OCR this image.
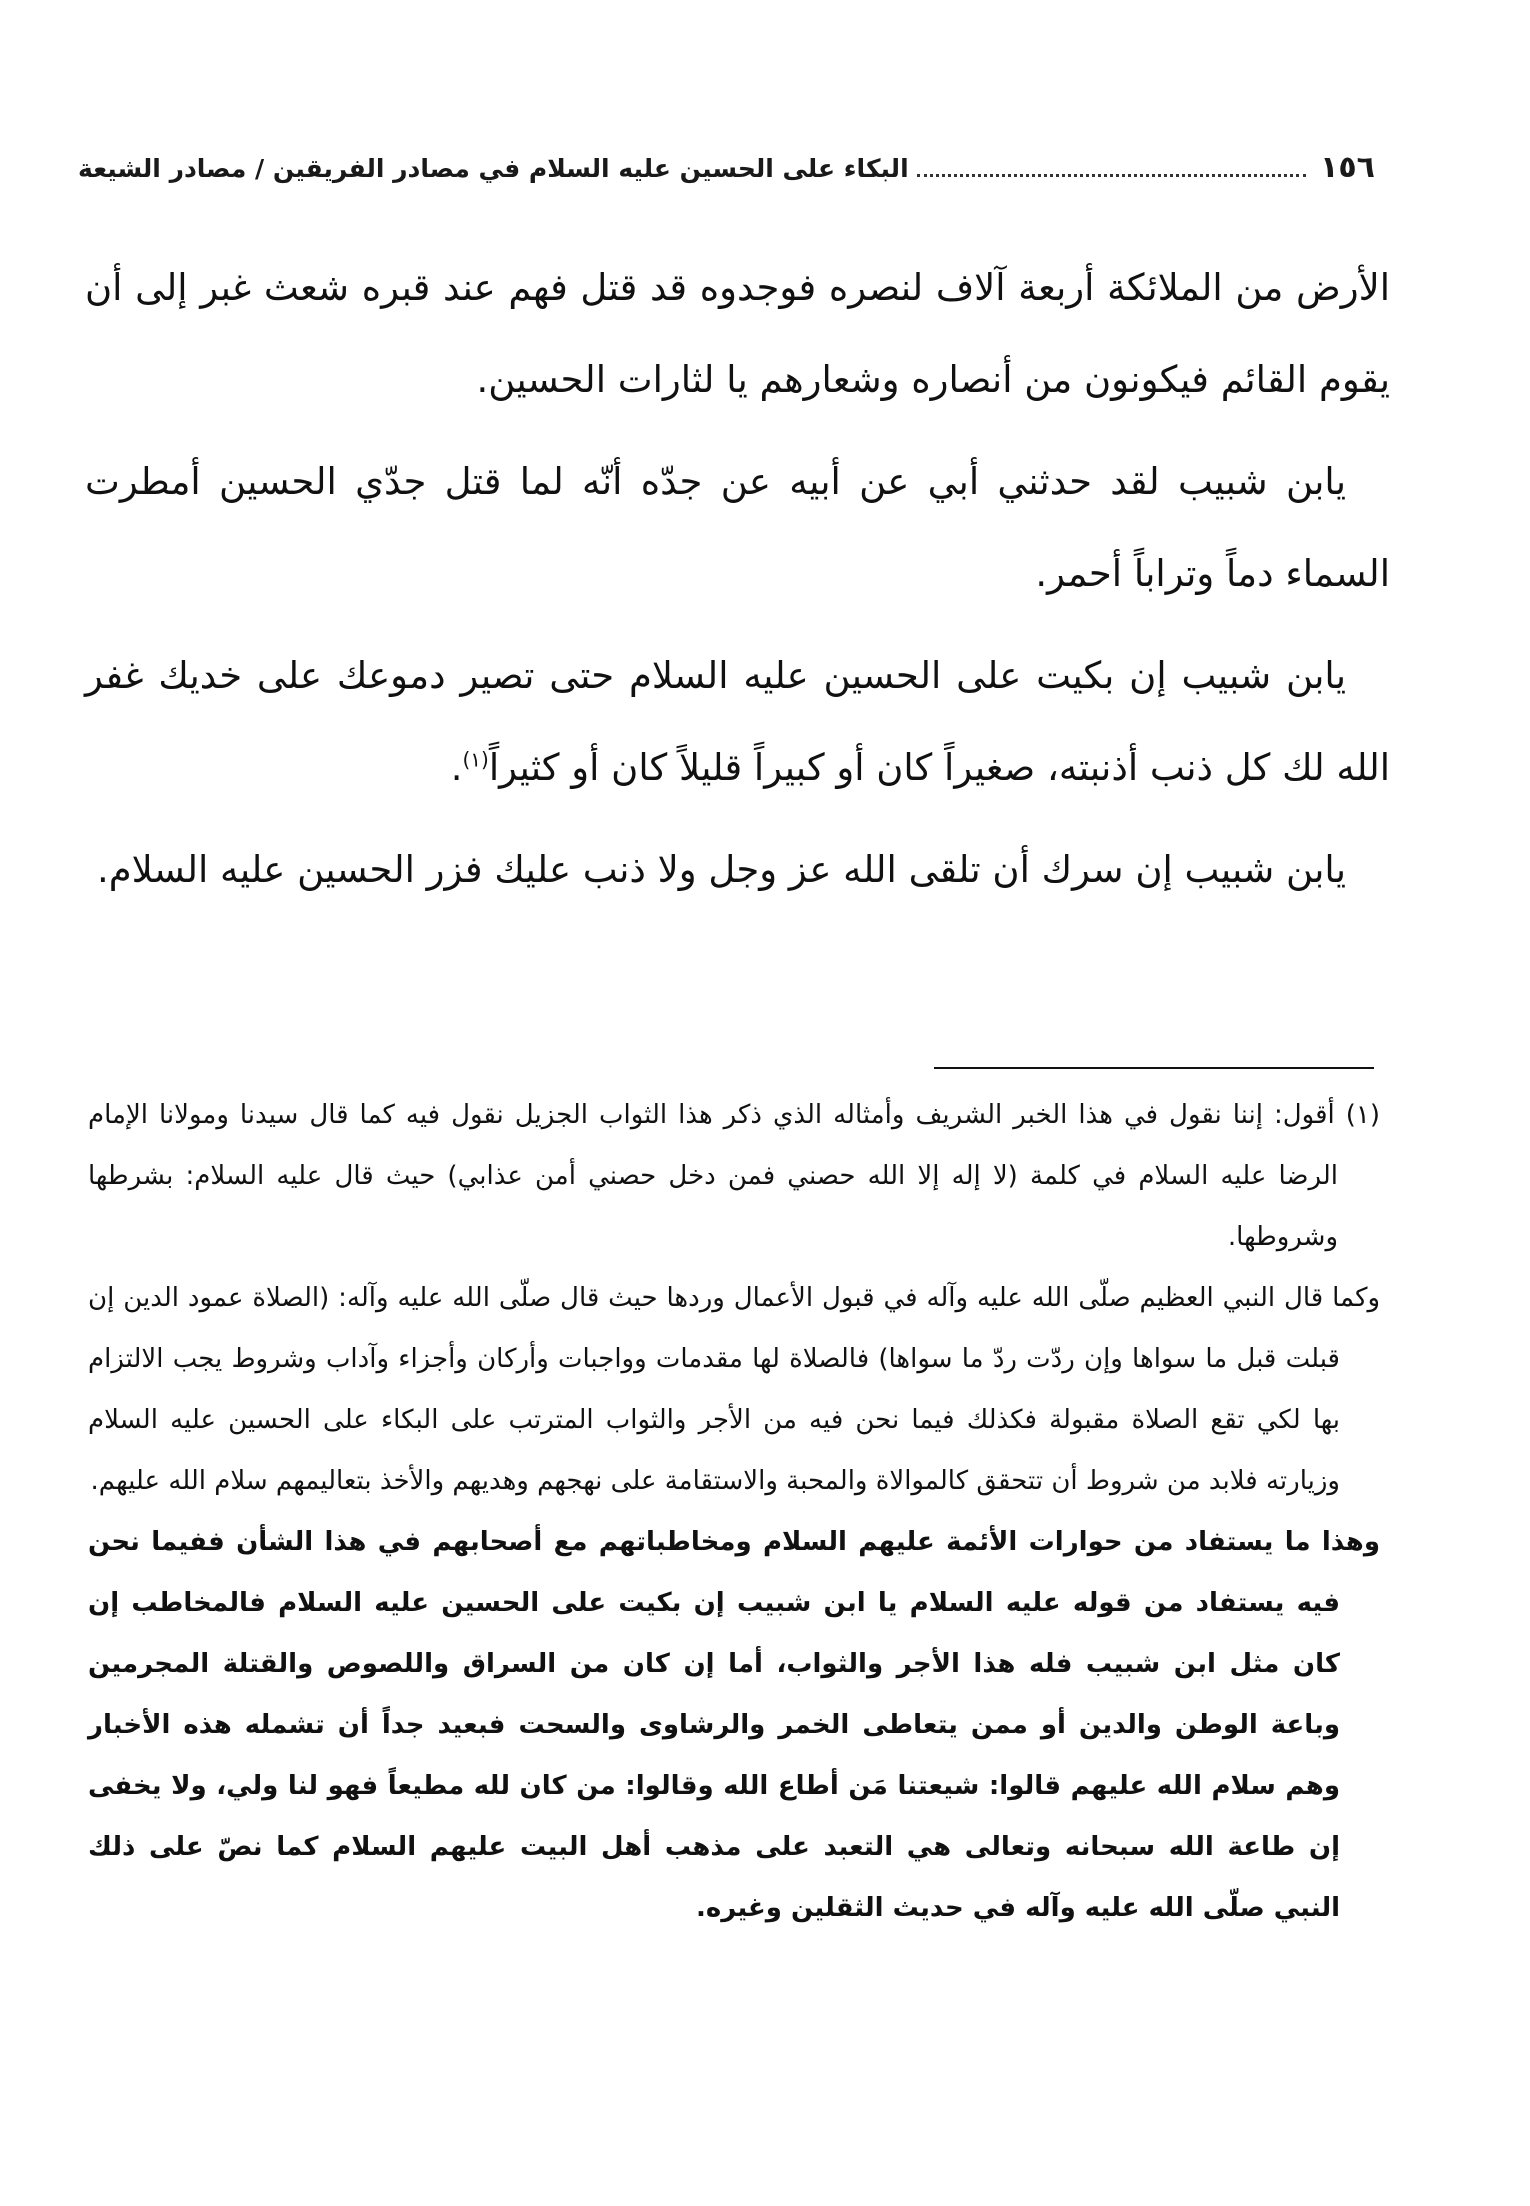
١٥٦
البكاء على الحسين عليه السلام في مصادر الفريقين / مصادر الشيعة

الأرض من الملائكة أربعة آلاف لنصره فوجدوه قد قتل فهم عند قبره شعث غبر إلى أن يقوم القائم فيكونون من أنصاره وشعارهم يا لثارات الحسين.

يابن شبيب لقد حدثني أبي عن أبيه عن جدّه أنّه لما قتل جدّي الحسين أمطرت السماء دماً وتراباً أحمر.

يابن شبيب إن بكيت على الحسين عليه السلام حتى تصير دموعك على خديك غفر الله لك كل ذنب أذنبته، صغيراً كان أو كبيراً قليلاً كان أو كثيراً$^{(١)}$.

يابن شبيب إن سرك أن تلقى الله عز وجل ولا ذنب عليك فزر الحسين عليه السلام.

(١) أقول: إننا نقول في هذا الخبر الشريف وأمثاله الذي ذكر هذا الثواب الجزيل نقول فيه كما قال سيدنا ومولانا الإمام الرضا عليه السلام في كلمة (لا إله إلا الله حصني فمن دخل حصني أمن عذابي) حيث قال عليه السلام: بشرطها وشروطها.

وكما قال النبي العظيم صلّى الله عليه وآله في قبول الأعمال وردها حيث قال صلّى الله عليه وآله: (الصلاة عمود الدين إن قبلت قبل ما سواها وإن ردّت ردّ ما سواها) فالصلاة لها مقدمات وواجبات وأركان وأجزاء وآداب وشروط يجب الالتزام بها لكي تقع الصلاة مقبولة فكذلك فيما نحن فيه من الأجر والثواب المترتب على البكاء على الحسين عليه السلام وزيارته فلابد من شروط أن تتحقق كالموالاة والمحبة والاستقامة على نهجهم وهديهم والأخذ بتعاليمهم سلام الله عليهم.

وهذا ما يستفاد من حوارات الأئمة عليهم السلام ومخاطباتهم مع أصحابهم في هذا الشأن ففيما نحن فيه يستفاد من قوله عليه السلام يا ابن شبيب إن بكيت على الحسين عليه السلام فالمخاطب إن كان مثل ابن شبيب فله هذا الأجر والثواب، أما إن كان من السراق واللصوص والقتلة المجرمين وباعة الوطن والدين أو ممن يتعاطى الخمر والرشاوى والسحت فبعيد جداً أن تشمله هذه الأخبار وهم سلام الله عليهم قالوا: شيعتنا مَن أطاع الله وقالوا: من كان لله مطيعاً فهو لنا ولي، ولا يخفى إن طاعة الله سبحانه وتعالى هي التعبد على مذهب أهل البيت عليهم السلام كما نصّ على ذلك النبي صلّى الله عليه وآله في حديث الثقلين وغيره.
